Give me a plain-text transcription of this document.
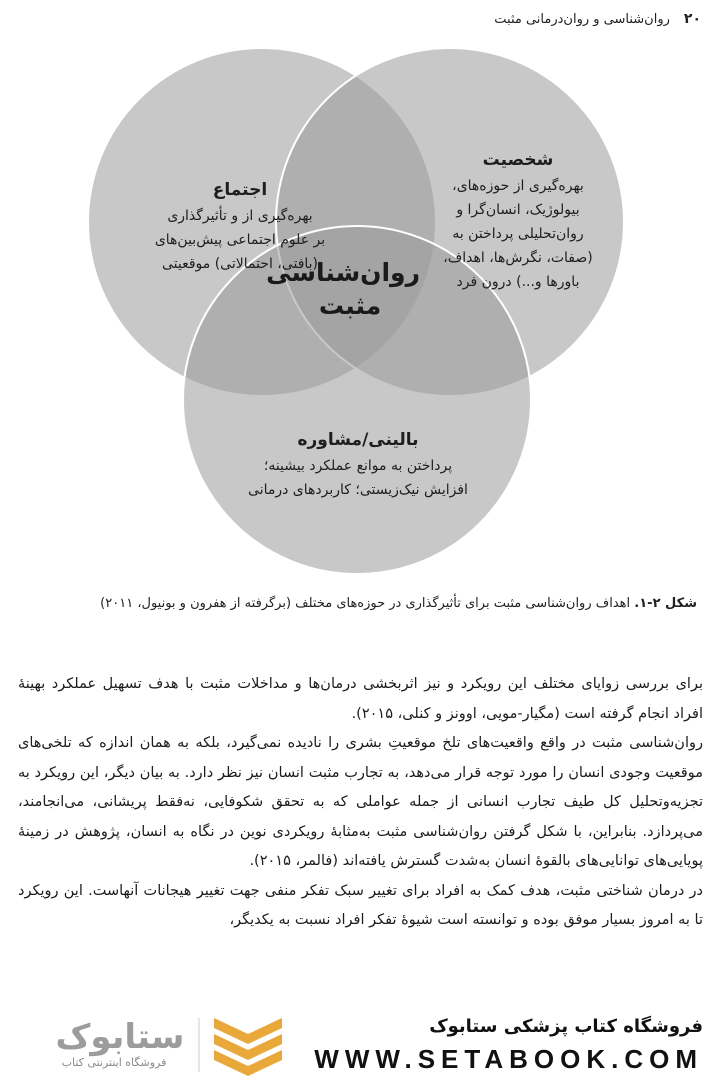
۲۰
روان‌شناسی و روان‌درمانی مثبت
اجتماع
بهره‌گیری از و تأثیرگذاری
بر علوم اجتماعی پیش‌بین‌های
(بافتی، احتمالاتی) موقعیتی
شخصیت
بهره‌گیری از حوزه‌های،
بیولوژیک، انسان‌گرا و
روان‌تحلیلی پرداختن به
(صفات، نگرش‌ها، اهداف،
باورها و...) درون فرد
بالینی/مشاوره
پرداختن به موانع عملکرد بیشینه؛
افزایش نیک‌زیستی؛ کاربردهای درمانی
روان‌شناسی
مثبت
شکل ۲-۱. اهداف روان‌شناسی مثبت برای تأثیرگذاری در حوزه‌های مختلف (برگرفته از هفرون و بونیول، ۲۰۱۱)

برای بررسی زوایای مختلف این رویکرد و نیز اثربخشی درمان‌ها و مداخلات مثبت با هدف تسهیل عملکرد بهینهٔ افراد انجام گرفته است (مگیار-مویی، اوونز و کنلی، ۲۰۱۵).

روان‌شناسی مثبت در واقع واقعیت‌های تلخ موقعیتِ بشری را نادیده نمی‌گیرد، بلکه به همان اندازه که تلخی‌های موقعیت وجودی انسان را مورد توجه قرار می‌دهد، به تجارب مثبت انسان نیز نظر دارد. به بیان دیگر، این رویکرد به تجزیه‌وتحلیل کل طیف تجارب انسانی از جمله عواملی که به تحقق شکوفایی، نه‌فقط پریشانی، می‌انجامند، می‌پردازد. بنابراین، با شکل گرفتن روان‌شناسی مثبت به‌مثابهٔ رویکردی نوین در نگاه به انسان، پژوهش در زمینهٔ پویایی‌های توانایی‌های بالقوهٔ انسان به‌شدت گسترش یافته‌اند (فالمر، ۲۰۱۵).

در درمان شناختی مثبت، هدف کمک به افراد برای تغییر سبک تفکر منفی جهت تغییر هیجانات آنهاست. این رویکرد تا به امروز بسیار موفق بوده و توانسته است شیوهٔ تفکر افراد نسبت به یکدیگر،

فروشگاه کتاب پزشکی ستابوک
WWW.SETABOOK.COM
ستابوک
فروشگاه اینترنتی کتاب
